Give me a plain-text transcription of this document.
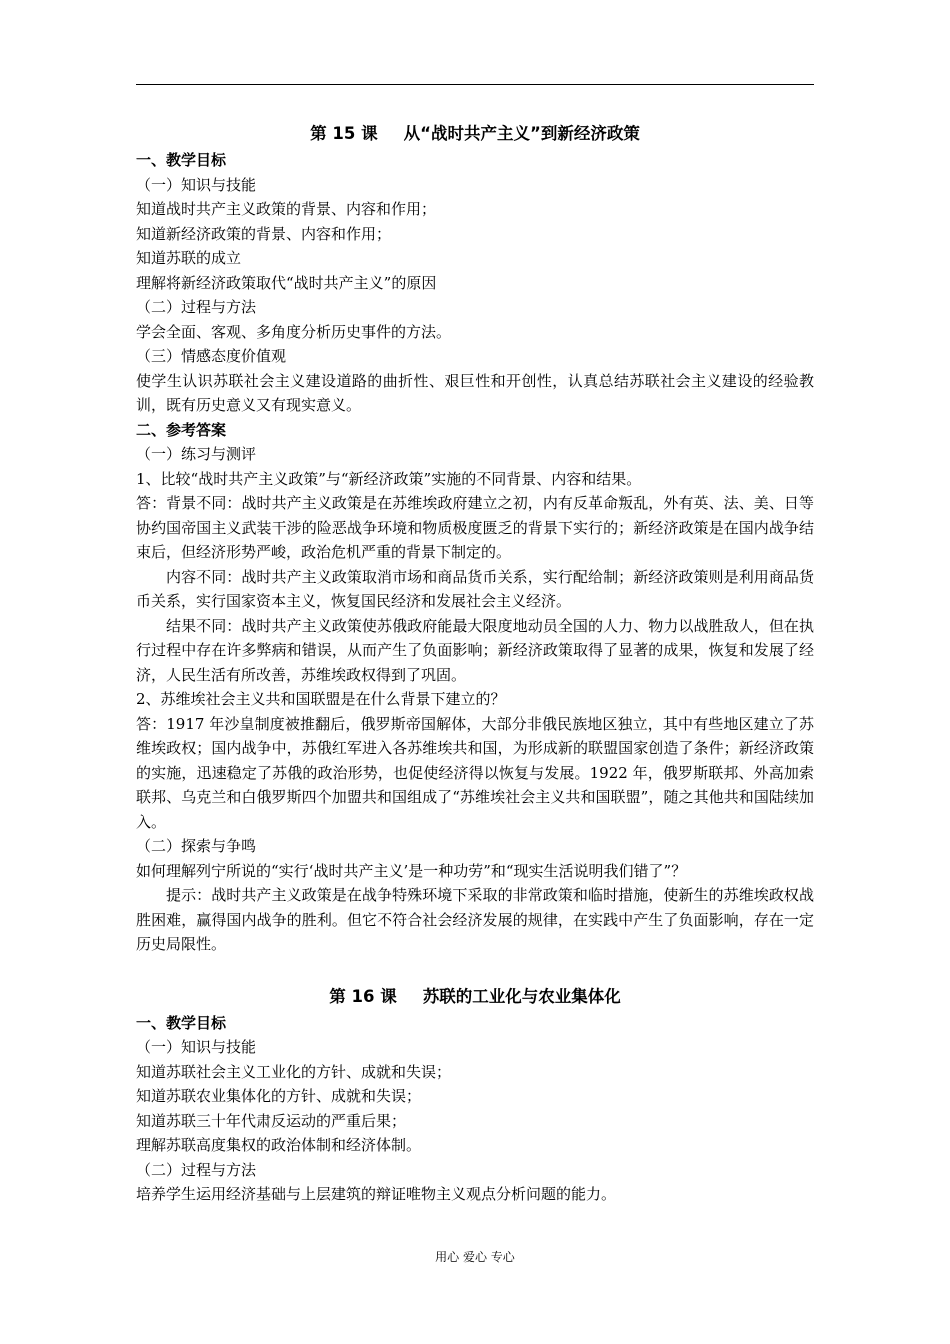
第 15 课 从“战时共产主义”到新经济政策

一、教学目标

（一）知识与技能

知道战时共产主义政策的背景、内容和作用；

知道新经济政策的背景、内容和作用；

知道苏联的成立

理解将新经济政策取代“战时共产主义”的原因

（二）过程与方法

学会全面、客观、多角度分析历史事件的方法。

（三）情感态度价值观

使学生认识苏联社会主义建设道路的曲折性、艰巨性和开创性，认真总结苏联社会主义建设的经验教训，既有历史意义又有现实意义。

二、参考答案

（一）练习与测评

1、比较“战时共产主义政策”与“新经济政策”实施的不同背景、内容和结果。

答：背景不同：战时共产主义政策是在苏维埃政府建立之初，内有反革命叛乱，外有英、法、美、日等协约国帝国主义武装干涉的险恶战争环境和物质极度匮乏的背景下实行的；新经济政策是在国内战争结束后，但经济形势严峻，政治危机严重的背景下制定的。

内容不同：战时共产主义政策取消市场和商品货币关系，实行配给制；新经济政策则是利用商品货币关系，实行国家资本主义，恢复国民经济和发展社会主义经济。

结果不同：战时共产主义政策使苏俄政府能最大限度地动员全国的人力、物力以战胜敌人，但在执行过程中存在许多弊病和错误，从而产生了负面影响；新经济政策取得了显著的成果，恢复和发展了经济，人民生活有所改善，苏维埃政权得到了巩固。

2、苏维埃社会主义共和国联盟是在什么背景下建立的？

答：1917 年沙皇制度被推翻后，俄罗斯帝国解体，大部分非俄民族地区独立，其中有些地区建立了苏维埃政权；国内战争中，苏俄红军进入各苏维埃共和国，为形成新的联盟国家创造了条件；新经济政策的实施，迅速稳定了苏俄的政治形势，也促使经济得以恢复与发展。1922 年，俄罗斯联邦、外高加索联邦、乌克兰和白俄罗斯四个加盟共和国组成了“苏维埃社会主义共和国联盟”，随之其他共和国陆续加入。

（二）探索与争鸣

如何理解列宁所说的“实行‘战时共产主义’是一种功劳”和“现实生活说明我们错了”？

提示：战时共产主义政策是在战争特殊环境下采取的非常政策和临时措施，使新生的苏维埃政权战胜困难，赢得国内战争的胜利。但它不符合社会经济发展的规律，在实践中产生了负面影响，存在一定历史局限性。

第 16 课 苏联的工业化与农业集体化

一、教学目标

（一）知识与技能

知道苏联社会主义工业化的方针、成就和失误；

知道苏联农业集体化的方针、成就和失误；

知道苏联三十年代肃反运动的严重后果；

理解苏联高度集权的政治体制和经济体制。

（二）过程与方法

培养学生运用经济基础与上层建筑的辩证唯物主义观点分析问题的能力。

用心 爱心 专心
